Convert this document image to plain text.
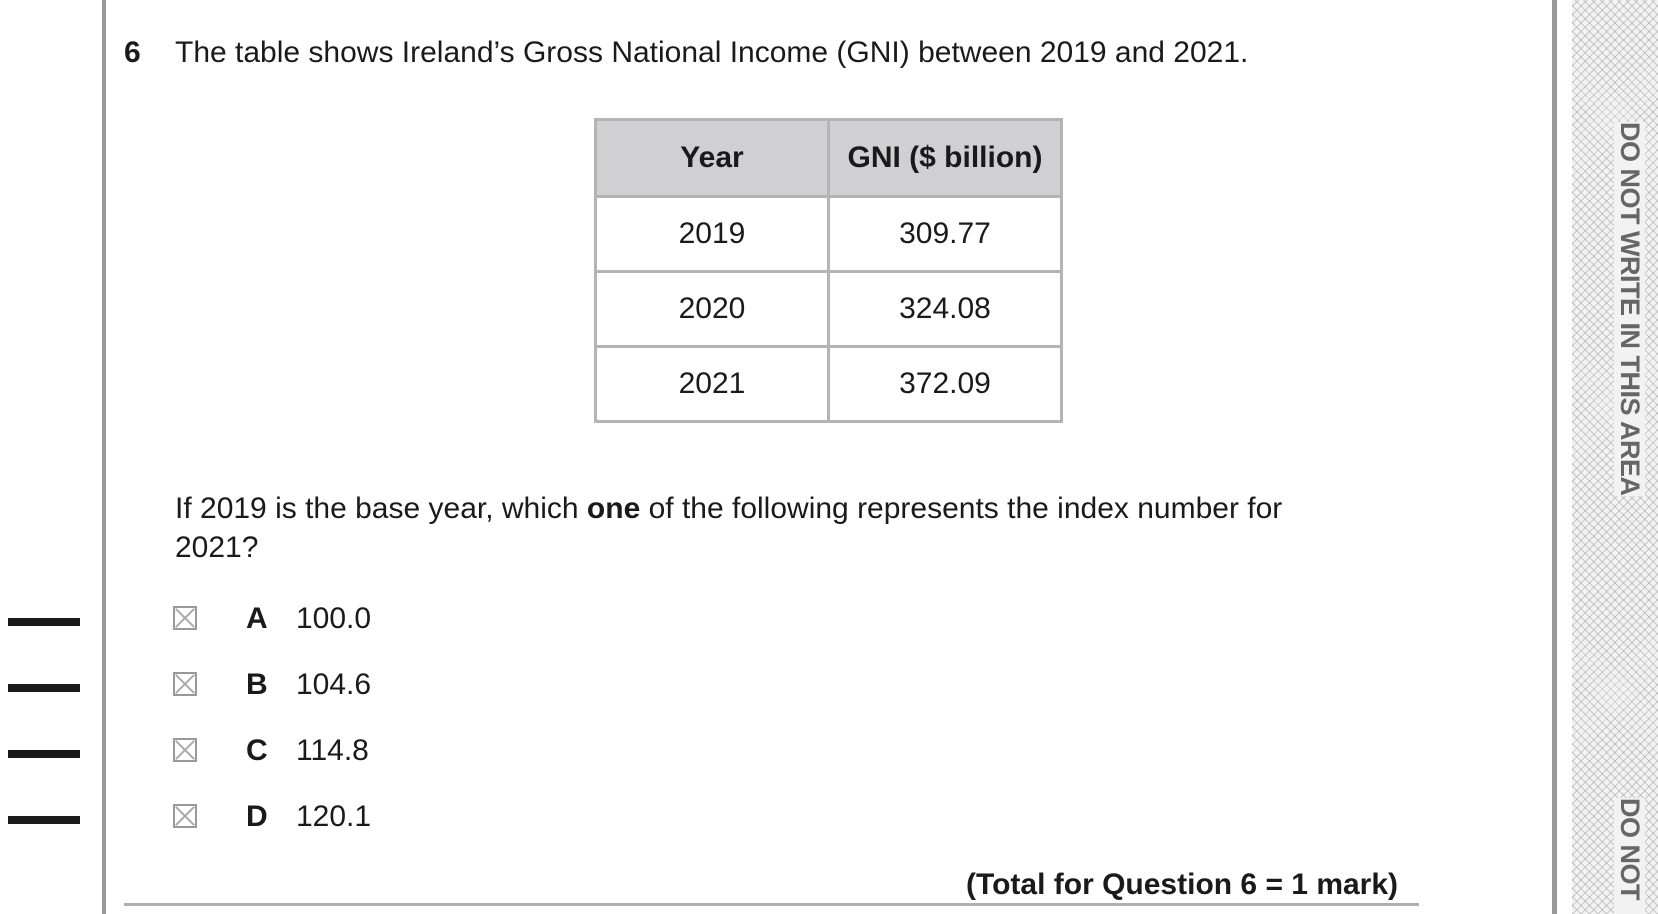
DO NOT WRITE IN THIS AREA
DO NOT
6 The table shows Ireland’s Gross National Income (GNI) between 2019 and 2021.
Year	GNI ($ billion)
2019	309.77
2020	324.08
2021	372.09
If 2019 is the base year, which one of the following represents the index number for 2021?
A 100.0
B 104.6
C 114.8
D 120.1
(Total for Question 6 = 1 mark)
